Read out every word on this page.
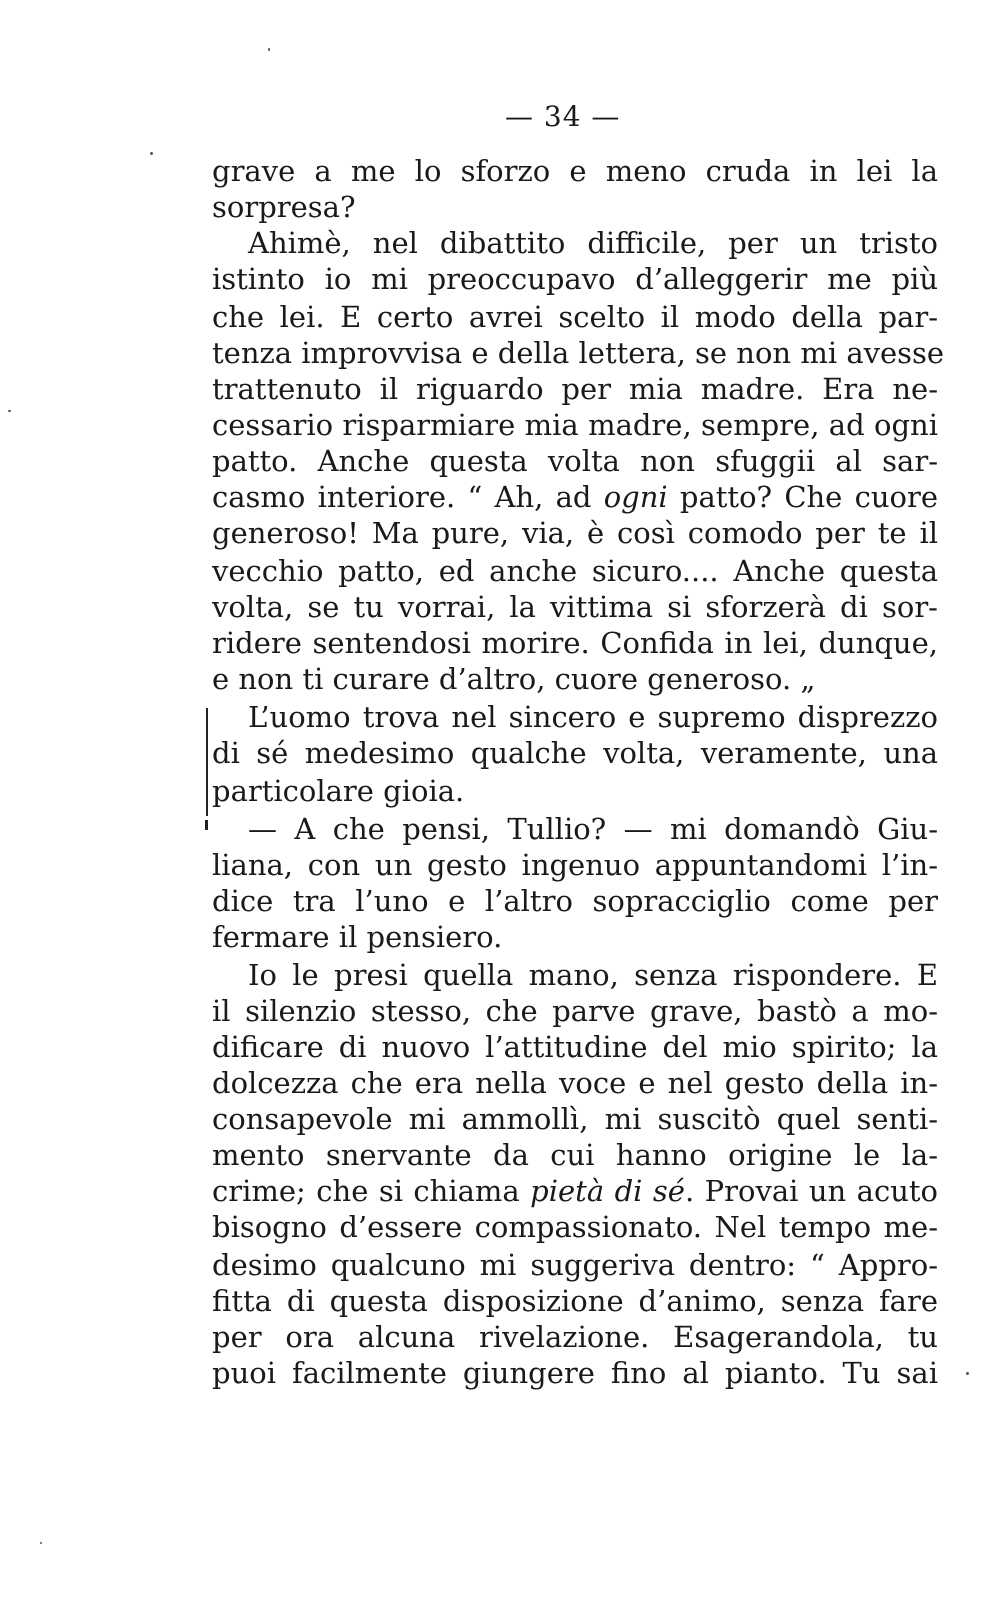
— 34 —
grave a me lo sforzo e meno cruda in lei la
sorpresa?
Ahimè, nel dibattito difficile, per un tristo
istinto io mi preoccupavo d’alleggerir me più
che lei. E certo avrei scelto il modo della par-
tenza improvvisa e della lettera, se non mi avesse
trattenuto il riguardo per mia madre. Era ne-
cessario risparmiare mia madre, sempre, ad ogni
patto. Anche questa volta non sfuggii al sar-
casmo interiore. “ Ah, ad ogni patto? Che cuore
generoso! Ma pure, via, è così comodo per te il
vecchio patto, ed anche sicuro.... Anche questa
volta, se tu vorrai, la vittima si sforzerà di sor-
ridere sentendosi morire. Confida in lei, dunque,
e non ti curare d’altro, cuore generoso. „
L’uomo trova nel sincero e supremo disprezzo
di sé medesimo qualche volta, veramente, una
particolare gioia.
— A che pensi, Tullio? — mi domandò Giu-
liana, con un gesto ingenuo appuntandomi l’in-
dice tra l’uno e l’altro sopracciglio come per
fermare il pensiero.
Io le presi quella mano, senza rispondere. E
il silenzio stesso, che parve grave, bastò a mo-
dificare di nuovo l’attitudine del mio spirito; la
dolcezza che era nella voce e nel gesto della in-
consapevole mi ammollì, mi suscitò quel senti-
mento snervante da cui hanno origine le la-
crime; che si chiama pietà di sé. Provai un acuto
bisogno d’essere compassionato. Nel tempo me-
desimo qualcuno mi suggeriva dentro: “ Appro-
fitta di questa disposizione d’animo, senza fare
per ora alcuna rivelazione. Esagerandola, tu
puoi facilmente giungere fino al pianto. Tu sai
